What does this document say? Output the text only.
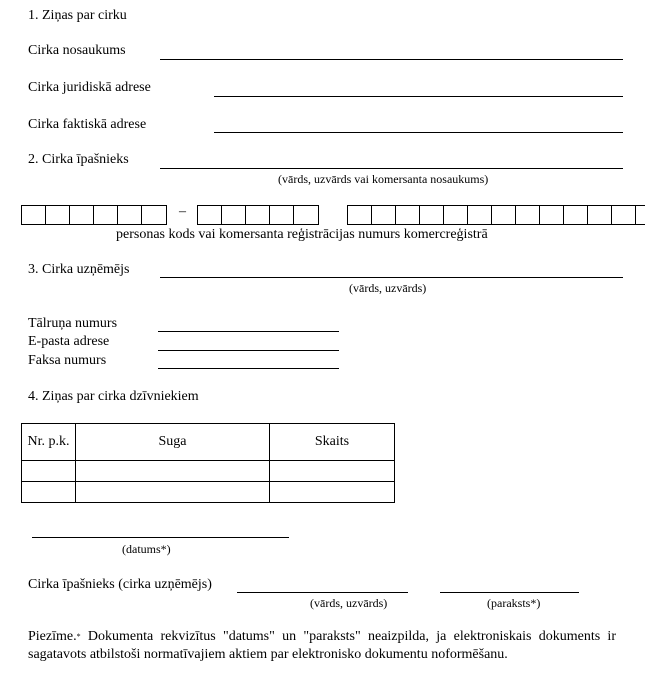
1. Ziņas par cirku
Cirka nosaukums
Cirka juridiskā adrese
Cirka faktiskā adrese
2. Cirka īpašnieks
(vārds, uzvārds vai komersanta nosaukums)
–
personas kods vai komersanta reģistrācijas numurs komercreģistrā
3. Cirka uzņēmējs
(vārds, uzvārds)
Tālruņa numurs
E-pasta adrese
Faksa numurs
4. Ziņas par cirka dzīvniekiem
Nr. p.k.	Suga	Skaits

(datums*)
Cirka īpašnieks (cirka uzņēmējs)
(vārds, uzvārds)	(paraksts*)
Piezīme.* Dokumenta rekvizītus "datums" un "paraksts" neaizpilda, ja elektroniskais dokuments ir sagatavots atbilstoši normatīvajiem aktiem par elektronisko dokumentu noformēšanu.
